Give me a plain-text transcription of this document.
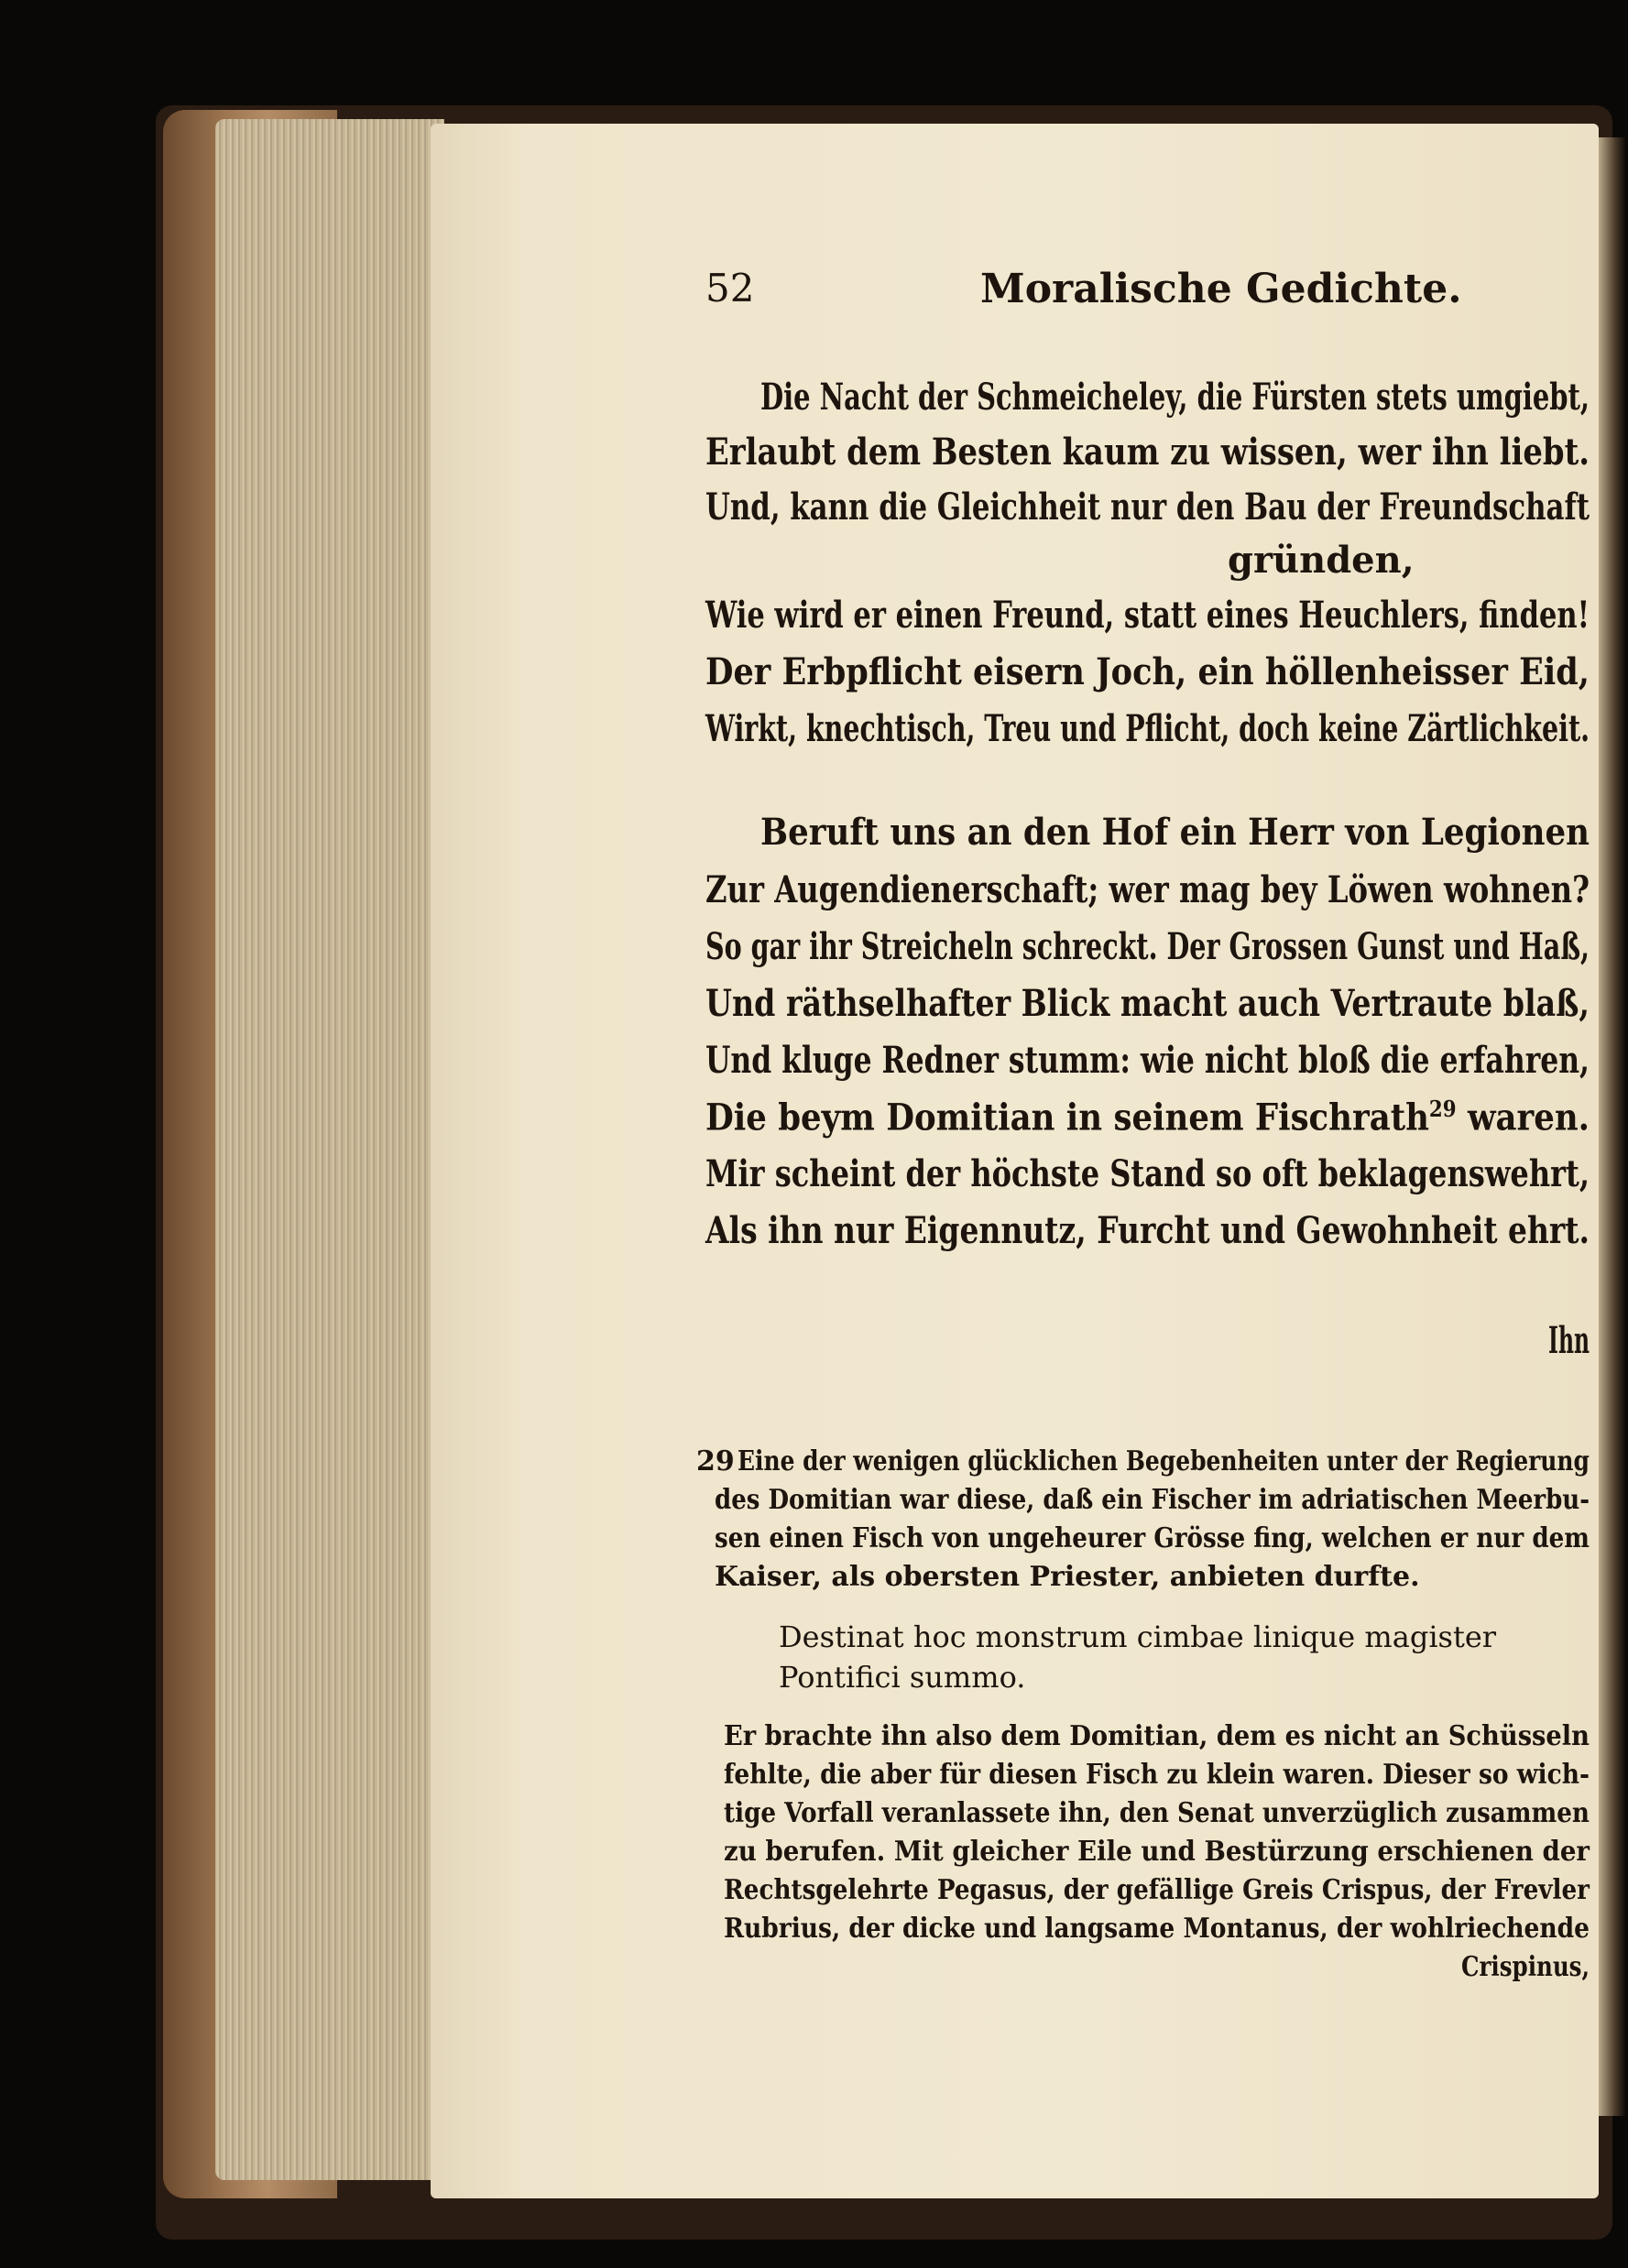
52	Moralische Gedichte.
Die Nacht der Schmeicheley, die Fürsten stets umgiebt,
Erlaubt dem Besten kaum zu wissen, wer ihn liebt.
Und, kann die Gleichheit nur den Bau der Freundschaft
gründen,
Wie wird er einen Freund, statt eines Heuchlers, finden!
Der Erbpflicht eisern Joch, ein höllenheisser Eid,
Wirkt, knechtisch, Treu und Pflicht, doch keine Zärtlichkeit.
Beruft uns an den Hof ein Herr von Legionen
Zur Augendienerschaft; wer mag bey Löwen wohnen?
So gar ihr Streicheln schreckt. Der Grossen Gunst und Haß,
Und räthselhafter Blick macht auch Vertraute blaß,
Und kluge Redner stumm: wie nicht bloß die erfahren,
Die beym Domitian in seinem Fischrath$^{29}$ waren.
Mir scheint der höchste Stand so oft beklagenswehrt,
Als ihn nur Eigennutz, Furcht und Gewohnheit ehrt.
Ihn
29 Eine der wenigen glücklichen Begebenheiten unter der Regierung
des Domitian war diese, daß ein Fischer im adriatischen Meerbu-
sen einen Fisch von ungeheurer Grösse fing, welchen er nur dem
Kaiser, als obersten Priester, anbieten durfte.
Destinat hoc monstrum cimbae linique magister
Pontifici summo.
Er brachte ihn also dem Domitian, dem es nicht an Schüsseln
fehlte, die aber für diesen Fisch zu klein waren. Dieser so wich-
tige Vorfall veranlassete ihn, den Senat unverzüglich zusammen
zu berufen. Mit gleicher Eile und Bestürzung erschienen der
Rechtsgelehrte Pegasus, der gefällige Greis Crispus, der Frevler
Rubrius, der dicke und langsame Montanus, der wohlriechende
Crispinus,
